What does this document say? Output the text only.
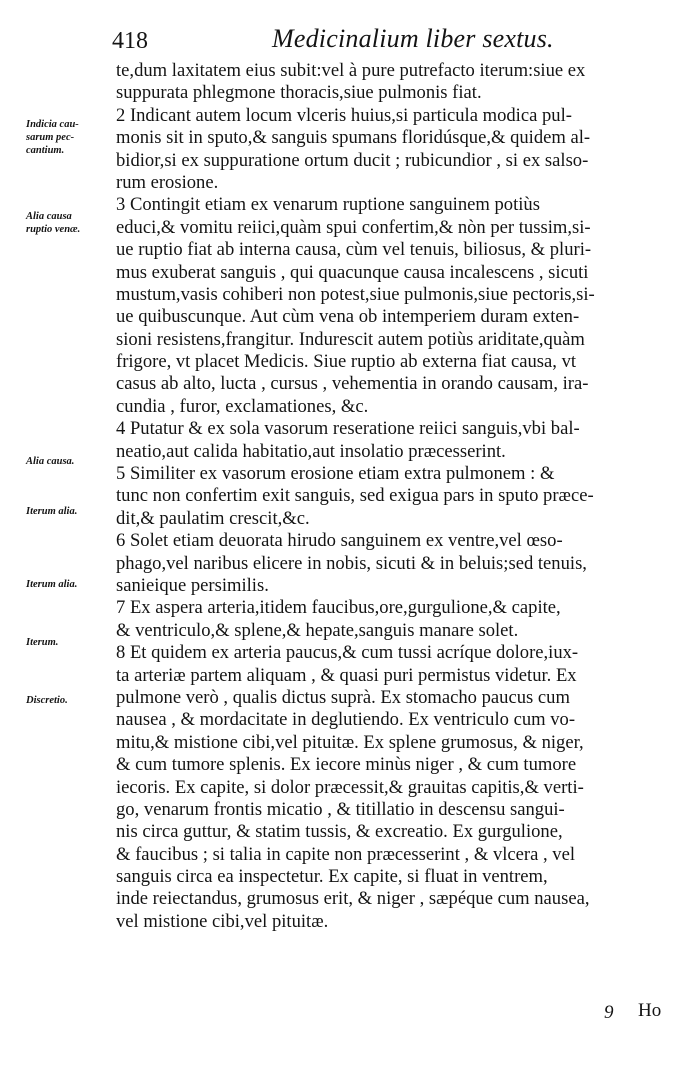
418	Medicinalium liber sextus.
Indicia cau-
sarum pec-
cantium.
Alia causa
ruptio venæ.
Alia causa.
Iterum alia.
Iterum alia.
Iterum.
Discretio.
te,dum laxitatem eius subit:vel à pure putrefacto iterum:siue ex
suppurata phlegmone thoracis,siue pulmonis fiat.
2 Indicant autem locum vlceris huius,si particula modica pul-
monis sit in sputo,& sanguis spumans floridúsque,& quidem al-
bidior,si ex suppuratione ortum ducit ; rubicundior , si ex salso-
rum erosione.
3 Contingit etiam ex venarum ruptione sanguinem potiùs
educi,& vomitu reiici,quàm spui confertim,& nòn per tussim,si-
ue ruptio fiat ab interna causa, cùm vel tenuis, biliosus, & pluri-
mus exuberat sanguis , qui quacunque causa incalescens , sicuti
mustum,vasis cohiberi non potest,siue pulmonis,siue pectoris,si-
ue quibuscunque. Aut cùm vena ob intemperiem duram exten-
sioni resistens,frangitur. Indurescit autem potiùs ariditate,quàm
frigore, vt placet Medicis. Siue ruptio ab externa fiat causa, vt
casus ab alto, lucta , cursus , vehementia in orando causam, ira-
cundia , furor, exclamationes, &c.
4 Putatur & ex sola vasorum reseratione reiici sanguis,vbi bal-
neatio,aut calida habitatio,aut insolatio præcesserint.
5 Similiter ex vasorum erosione etiam extra pulmonem : &
tunc non confertim exit sanguis, sed exigua pars in sputo præce-
dit,& paulatim crescit,&c.
6 Solet etiam deuorata hirudo sanguinem ex ventre,vel œso-
phago,vel naribus elicere in nobis, sicuti & in beluis;sed tenuis,
sanieique persimilis.
7 Ex aspera arteria,itidem faucibus,ore,gurgulione,& capite,
& ventriculo,& splene,& hepate,sanguis manare solet.
8 Et quidem ex arteria paucus,& cum tussi acríque dolore,iux-
ta arteriæ partem aliquam , & quasi puri permistus videtur. Ex
pulmone verò , qualis dictus suprà. Ex stomacho paucus cum
nausea , & mordacitate in deglutiendo. Ex ventriculo cum vo-
mitu,& mistione cibi,vel pituitæ. Ex splene grumosus, & niger,
& cum tumore splenis. Ex iecore minùs niger , & cum tumore
iecoris. Ex capite, si dolor præcessit,& grauitas capitis,& verti-
go, venarum frontis micatio , & titillatio in descensu sangui-
nis circa guttur, & statim tussis, & excreatio. Ex gurgulione,
& faucibus ; si talia in capite non præcesserint , & vlcera , vel
sanguis circa ea inspectetur. Ex capite, si fluat in ventrem,
inde reiectandus, grumosus erit, & niger , sæpéque cum nausea,
vel mistione cibi,vel pituitæ.
9 Ho
